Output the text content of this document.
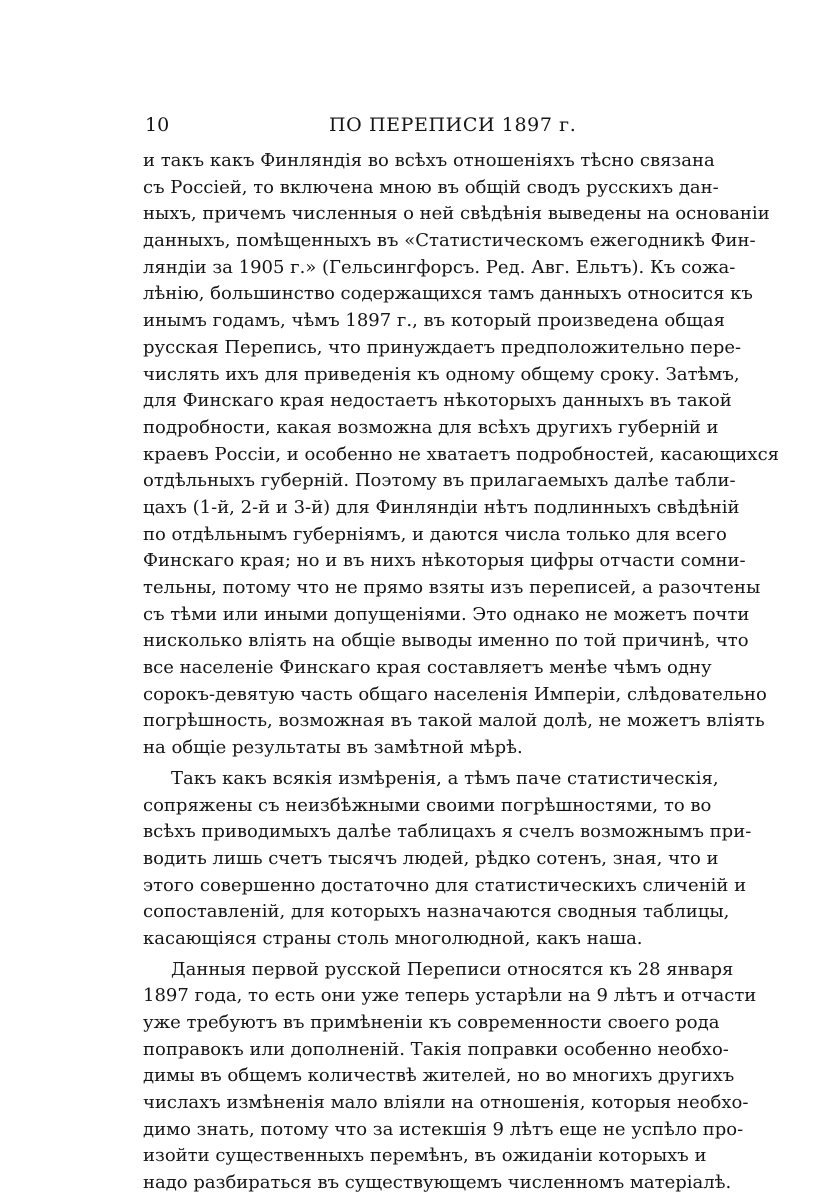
10	ПО ПЕРЕПИСИ 1897 г.
и такъ какъ Финляндія во всѣхъ отношеніяхъ тѣсно связана
съ Россіей, то включена мною въ общій сводъ русскихъ дан-
ныхъ, причемъ численныя о ней свѣдѣнія выведены на основаніи
данныхъ, помѣщенныхъ въ «Статистическомъ ежегодникѣ Фин-
ляндіи за 1905 г.» (Гельсингфорсъ. Ред. Авг. Ельтъ). Къ сожа-
лѣнію, большинство содержащихся тамъ данныхъ относится къ
инымъ годамъ, чѣмъ 1897 г., въ который произведена общая
русская Перепись, что принуждаетъ предположительно пере-
числять ихъ для приведенія къ одному общему сроку. Затѣмъ,
для Финскаго края недостаетъ нѣкоторыхъ данныхъ въ такой
подробности, какая возможна для всѣхъ другихъ губерній и
краевъ Россіи, и особенно не хватаетъ подробностей, касающихся
отдѣльныхъ губерній. Поэтому въ прилагаемыхъ далѣе табли-
цахъ (1-й, 2-й и 3-й) для Финляндіи нѣтъ подлинныхъ свѣдѣній
по отдѣльнымъ губерніямъ, и даются числа только для всего
Финскаго края; но и въ нихъ нѣкоторыя цифры отчасти сомни-
тельны, потому что не прямо взяты изъ переписей, а разочтены
съ тѣми или иными допущеніями. Это однако не можетъ почти
нисколько влiять на общіе выводы именно по той причинѣ, что
все населеніе Финскаго края составляетъ менѣе чѣмъ одну
сорокъ-девятую часть общаго населенія Имперіи, слѣдовательно
погрѣшность, возможная въ такой малой долѣ, не можетъ влiять
на общіе результаты въ замѣтной мѣрѣ.
Такъ какъ всякія измѣренія, а тѣмъ паче статистическія,
сопряжены съ неизбѣжными своими погрѣшностями, то во
всѣхъ приводимыхъ далѣе таблицахъ я счелъ возможнымъ при-
водить лишь счетъ тысячъ людей, рѣдко сотенъ, зная, что и
этого совершенно достаточно для статистическихъ сличеній и
сопоставленій, для которыхъ назначаются сводныя таблицы,
касающіяся страны столь многолюдной, какъ наша.
Данныя первой русской Переписи относятся къ 28 января
1897 года, то есть они уже теперь устарѣли на 9 лѣтъ и отчасти
уже требуютъ въ примѣненіи къ современности своего рода
поправокъ или дополненій. Такія поправки особенно необхо-
димы въ общемъ количествѣ жителей, но во многихъ другихъ
числахъ измѣненія мало влiяли на отношенія, которыя необхо-
димо знать, потому что за истекшія 9 лѣтъ еще не успѣло про-
изойти существенныхъ перемѣнъ, въ ожиданіи которыхъ и
надо разбираться въ существующемъ численномъ матеріалѣ.
